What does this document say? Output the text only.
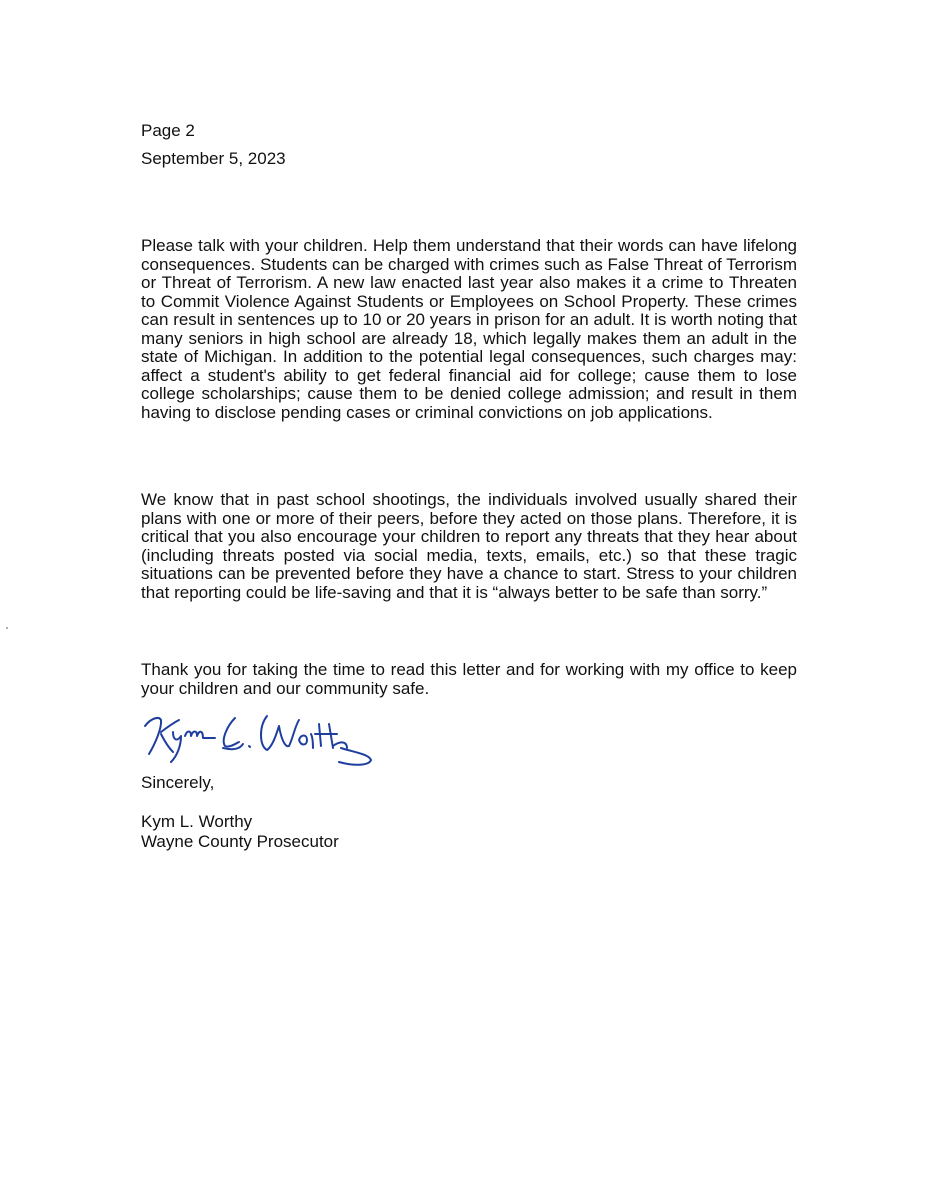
Page 2
September 5, 2023

Please talk with your children. Help them understand that their words can have lifelong consequences. Students can be charged with crimes such as False Threat of Terrorism or Threat of Terrorism. A new law enacted last year also makes it a crime to Threaten to Commit Violence Against Students or Employees on School Property. These crimes can result in sentences up to 10 or 20 years in prison for an adult. It is worth noting that many seniors in high school are already 18, which legally makes them an adult in the state of Michigan. In addition to the potential legal consequences, such charges may: affect a student's ability to get federal financial aid for college; cause them to lose college scholarships; cause them to be denied college admission; and result in them having to disclose pending cases or criminal convictions on job applications.

We know that in past school shootings, the individuals involved usually shared their plans with one or more of their peers, before they acted on those plans. Therefore, it is critical that you also encourage your children to report any threats that they hear about (including threats posted via social media, texts, emails, etc.) so that these tragic situations can be prevented before they have a chance to start. Stress to your children that reporting could be life-saving and that it is “always better to be safe than sorry.”

Thank you for taking the time to read this letter and for working with my office to keep your children and our community safe.

Sincerely,
Kym L. Worthy
Wayne County Prosecutor
